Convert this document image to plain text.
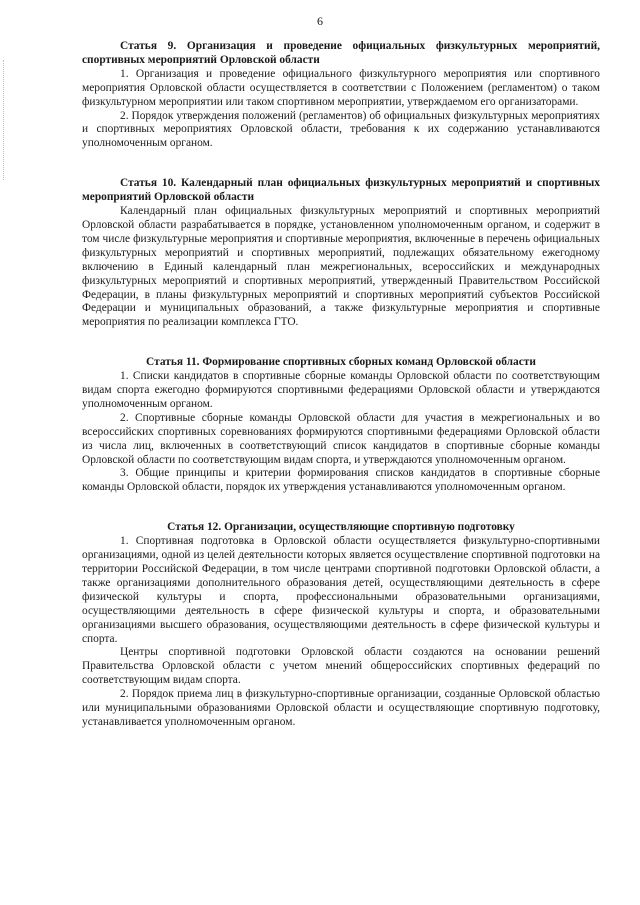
6

Статья 9. Организация и проведение официальных физкультурных мероприятий, спортивных мероприятий Орловской области

1. Организация и проведение официального физкультурного мероприятия или спортивного мероприятия Орловской области осуществляется в соответствии с Положением (регламентом) о таком физкультурном мероприятии или таком спортивном мероприятии, утверждаемом его организаторами.

2. Порядок утверждения положений (регламентов) об официальных физкультурных мероприятиях и спортивных мероприятиях Орловской области, требования к их содержанию устанавливаются уполномоченным органом.

Статья 10. Календарный план официальных физкультурных мероприятий и спортивных мероприятий Орловской области

Календарный план официальных физкультурных мероприятий и спортивных мероприятий Орловской области разрабатывается в порядке, установленном уполномоченным органом, и содержит в том числе физкультурные мероприятия и спортивные мероприятия, включенные в перечень официальных физкультурных мероприятий и спортивных мероприятий, подлежащих обязательному ежегодному включению в Единый календарный план межрегиональных, всероссийских и международных физкультурных мероприятий и спортивных мероприятий, утвержденный Правительством Российской Федерации, в планы физкультурных мероприятий и спортивных мероприятий субъектов Российской Федерации и муниципальных образований, а также физкультурные мероприятия и спортивные мероприятия по реализации комплекса ГТО.

Статья 11. Формирование спортивных сборных команд Орловской области

1. Списки кандидатов в спортивные сборные команды Орловской области по соответствующим видам спорта ежегодно формируются спортивными федерациями Орловской области и утверждаются уполномоченным органом.

2. Спортивные сборные команды Орловской области для участия в межрегиональных и во всероссийских спортивных соревнованиях формируются спортивными федерациями Орловской области из числа лиц, включенных в соответствующий список кандидатов в спортивные сборные команды Орловской области по соответствующим видам спорта, и утверждаются уполномоченным органом.

3. Общие принципы и критерии формирования списков кандидатов в спортивные сборные команды Орловской области, порядок их утверждения устанавливаются уполномоченным органом.

Статья 12. Организации, осуществляющие спортивную подготовку

1. Спортивная подготовка в Орловской области осуществляется физкультурно-спортивными организациями, одной из целей деятельности которых является осуществление спортивной подготовки на территории Российской Федерации, в том числе центрами спортивной подготовки Орловской области, а также организациями дополнительного образования детей, осуществляющими деятельность в сфере физической культуры и спорта, профессиональными образовательными организациями, осуществляющими деятельность в сфере физической культуры и спорта, и образовательными организациями высшего образования, осуществляющими деятельность в сфере физической культуры и спорта.

Центры спортивной подготовки Орловской области создаются на основании решений Правительства Орловской области с учетом мнений общероссийских спортивных федераций по соответствующим видам спорта.

2. Порядок приема лиц в физкультурно-спортивные организации, созданные Орловской областью или муниципальными образованиями Орловской области и осуществляющие спортивную подготовку, устанавливается уполномоченным органом.
